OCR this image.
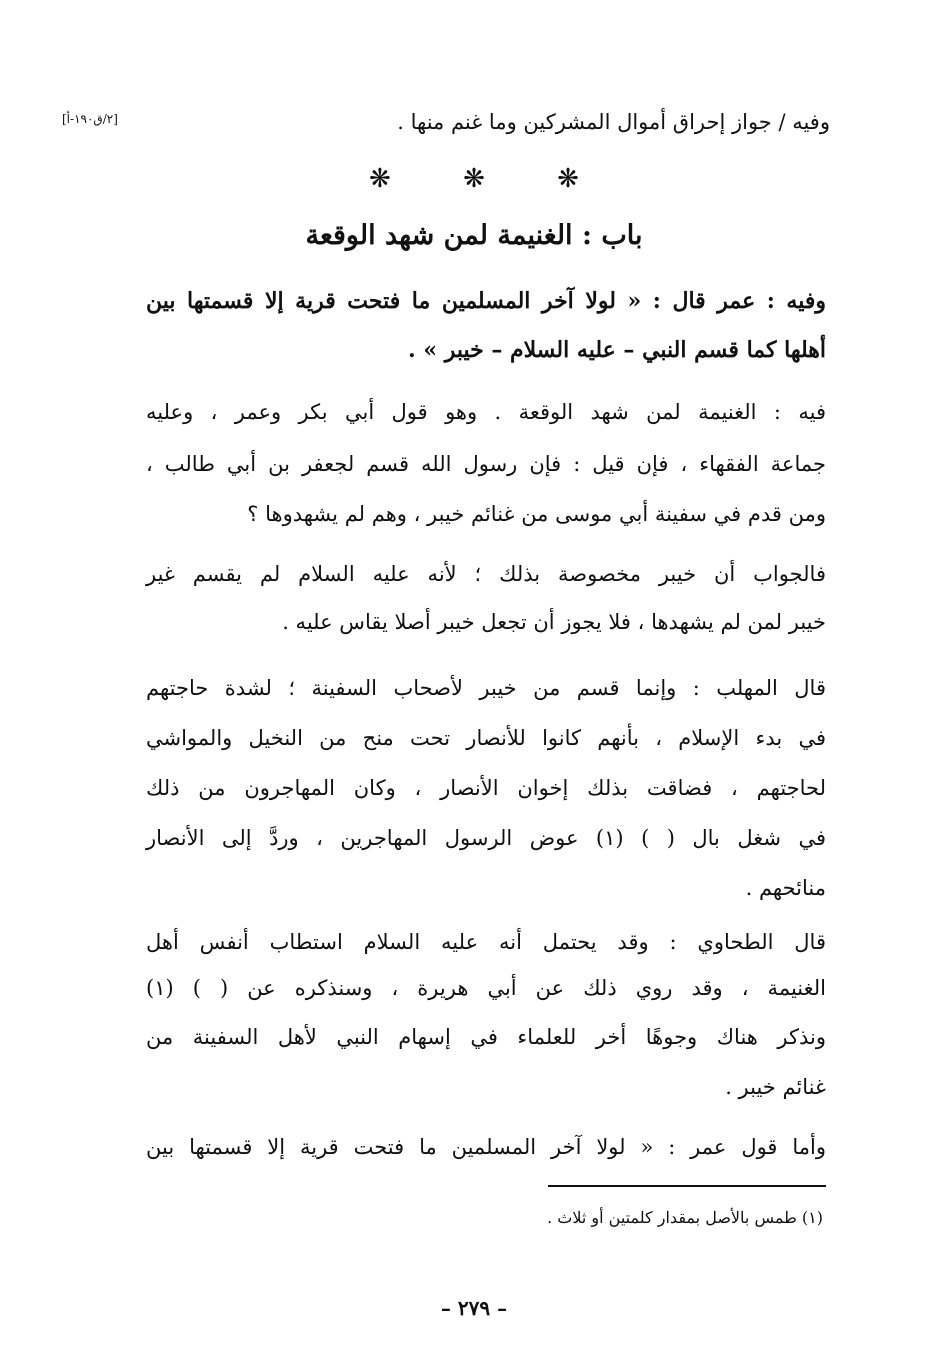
وفيه / جواز إحراق أموال المشركين وما غنم منها .
[٢/ق١٩٠-أ]
❋ ❋ ❋
باب : الغنيمة لمن شهد الوقعة
وفيه : عمر قال : « لولا آخر المسلمين ما فتحت قرية إلا قسمتها بين
أهلها كما قسم النبي – عليه السلام – خيبر » .
فيه : الغنيمة لمن شهد الوقعة . وهو قول أبي بكر وعمر ، وعليه
جماعة الفقهاء ، فإن قيل : فإن رسول الله قسم لجعفر بن أبي طالب ،
ومن قدم في سفينة أبي موسى من غنائم خيبر ، وهم لم يشهدوها ؟
فالجواب أن خيبر مخصوصة بذلك ؛ لأنه عليه السلام لم يقسم غير
خيبر لمن لم يشهدها ، فلا يجوز أن تجعل خيبر أصلا يقاس عليه .
قال المهلب : وإنما قسم من خيبر لأصحاب السفينة ؛ لشدة حاجتهم
في بدء الإسلام ، بأنهم كانوا للأنصار تحت منح من النخيل والمواشي
لحاجتهم ، فضاقت بذلك إخوان الأنصار ، وكان المهاجرون من ذلك
في شغل بال ( ) (١) عوض الرسول المهاجرين ، وردَّ إلى الأنصار
منائحهم .
قال الطحاوي : وقد يحتمل أنه عليه السلام استطاب أنفس أهل
الغنيمة ، وقد روي ذلك عن أبي هريرة ، وسنذكره عن ( ) (١)
ونذكر هناك وجوهًا أخر للعلماء في إسهام النبي لأهل السفينة من
غنائم خيبر .
وأما قول عمر : « لولا آخر المسلمين ما فتحت قرية إلا قسمتها بين
(١) طمس بالأصل بمقدار كلمتين أو ثلاث .
– ٢٧٩ –
